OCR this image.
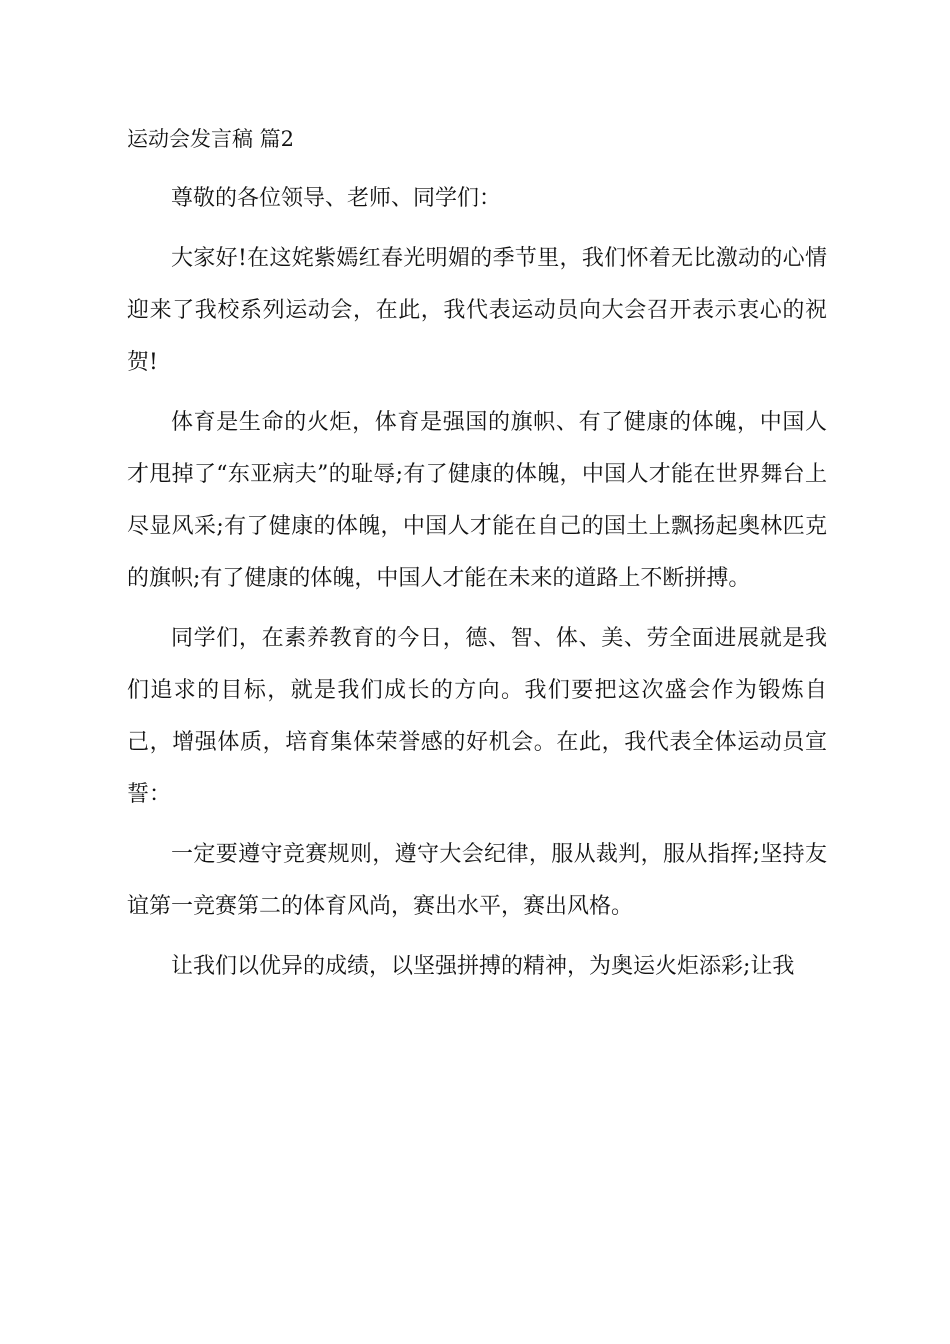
运动会发言稿 篇2

尊敬的各位领导、老师、同学们：

大家好!在这姹紫嫣红春光明媚的季节里，我们怀着无比激动的心情迎来了我校系列运动会，在此，我代表运动员向大会召开表示衷心的祝贺!

体育是生命的火炬，体育是强国的旗帜、有了健康的体魄，中国人才甩掉了“东亚病夫”的耻辱;有了健康的体魄，中国人才能在世界舞台上尽显风采;有了健康的体魄，中国人才能在自己的国土上飘扬起奥林匹克的旗帜;有了健康的体魄，中国人才能在未来的道路上不断拼搏。

同学们，在素养教育的今日，德、智、体、美、劳全面进展就是我们追求的目标，就是我们成长的方向。我们要把这次盛会作为锻炼自己，增强体质，培育集体荣誉感的好机会。在此，我代表全体运动员宣誓：

一定要遵守竞赛规则，遵守大会纪律，服从裁判，服从指挥;坚持友谊第一竞赛第二的体育风尚，赛出水平，赛出风格。

让我们以优异的成绩，以坚强拼搏的精神，为奥运火炬添彩;让我
